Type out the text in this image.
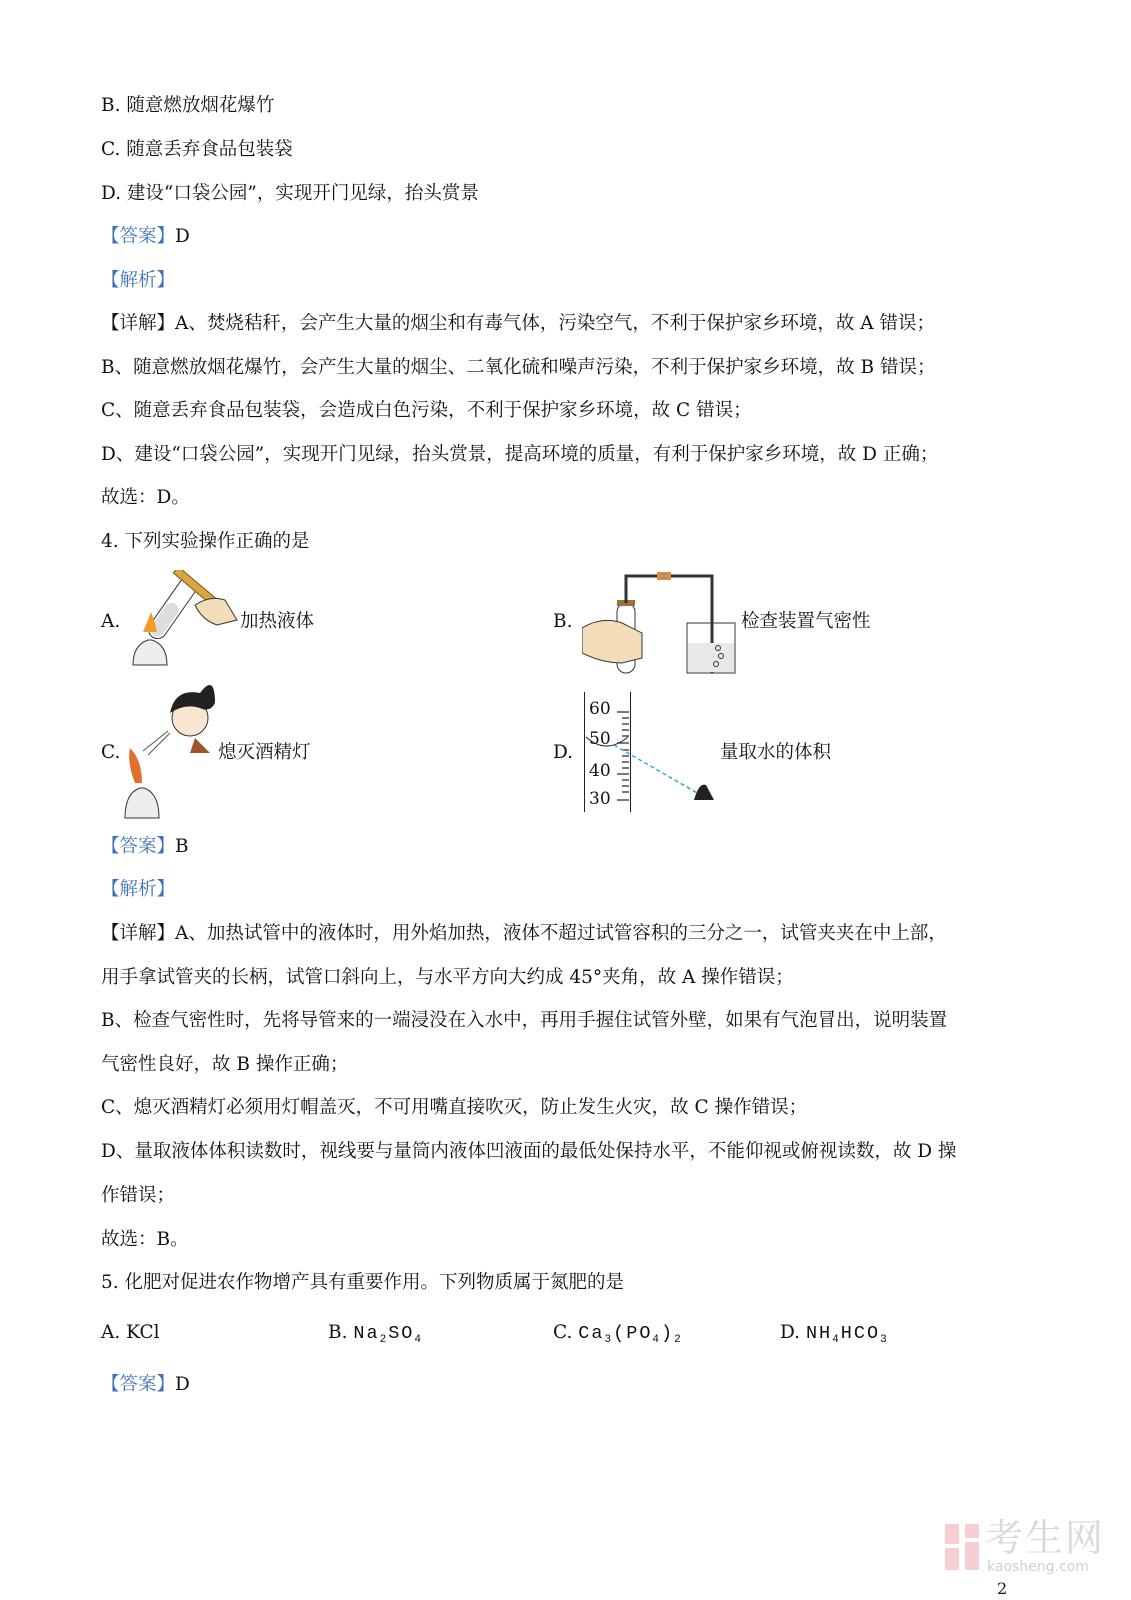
B. 随意燃放烟花爆竹
C. 随意丢弃食品包装袋
D. 建设“口袋公园”，实现开门见绿，抬头赏景
【答案】D
【解析】
【详解】A、焚烧秸秆，会产生大量的烟尘和有毒气体，污染空气，不利于保护家乡环境，故 A 错误；
B、随意燃放烟花爆竹，会产生大量的烟尘、二氧化硫和噪声污染，不利于保护家乡环境，故 B 错误；
C、随意丢弃食品包装袋，会造成白色污染，不利于保护家乡环境，故 C 错误；
D、建设“口袋公园”，实现开门见绿，抬头赏景，提高环境的质量，有利于保护家乡环境，故 D 正确；
故选：D。
4. 下列实验操作正确的是
A.	加热液体	B.	检查装置气密性
C.	熄灭酒精灯	D.
60
50
40
30
量取水的体积
【答案】B
【解析】
【详解】A、加热试管中的液体时，用外焰加热，液体不超过试管容积的三分之一，试管夹夹在中上部，
用手拿试管夹的长柄，试管口斜向上，与水平方向大约成 45°夹角，故 A 操作错误；
B、检查气密性时，先将导管来的一端浸没在入水中，再用手握住试管外壁，如果有气泡冒出，说明装置
气密性良好，故 B 操作正确；
C、熄灭酒精灯必须用灯帽盖灭，不可用嘴直接吹灭，防止发生火灾，故 C 操作错误；
D、量取液体体积读数时，视线要与量筒内液体凹液面的最低处保持水平，不能仰视或俯视读数，故 D 操
作错误；
故选：B。
5. 化肥对促进农作物增产具有重要作用。下列物质属于氮肥的是
A. KCl	B. $Na_2SO_4$	C. $Ca_3(PO_4)_2$	D. $NH_4HCO_3$
【答案】D
考生网
kaosheng.com
2
